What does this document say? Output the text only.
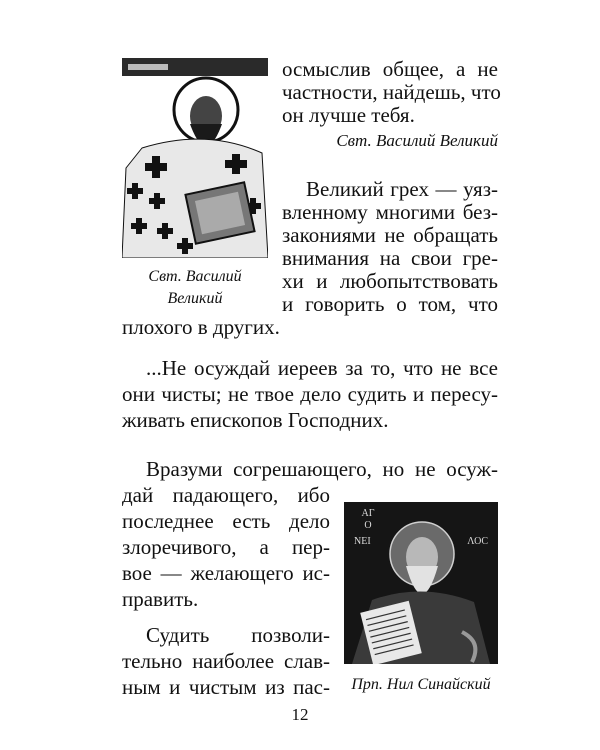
Свт. Василий
Великий
осмыслив общее, а не
частности, найдешь, что
он лучше тебя.
Свт. Василий Великий
Великий грех — уяз-
вленному многими без-
закониями не обращать
внимания на свои гре-
хи и любопытствовать
и говорить о том, что
плохого в других.
...Не осуждай иереев за то, что не все
они чисты; не твое дело судить и пересу-
живать епископов Господних.
Вразуми согрешающего, но не осуж-
дай падающего, ибо
последнее есть дело
злоречивого, а пер-
вое — желающего ис-
править.
Судить позволи-
тельно наиболее слав-
ным и чистым из пас-
ΑΓ
Ο
ΝΕΙ ΛΟC
Прп. Нил Синайский
12
